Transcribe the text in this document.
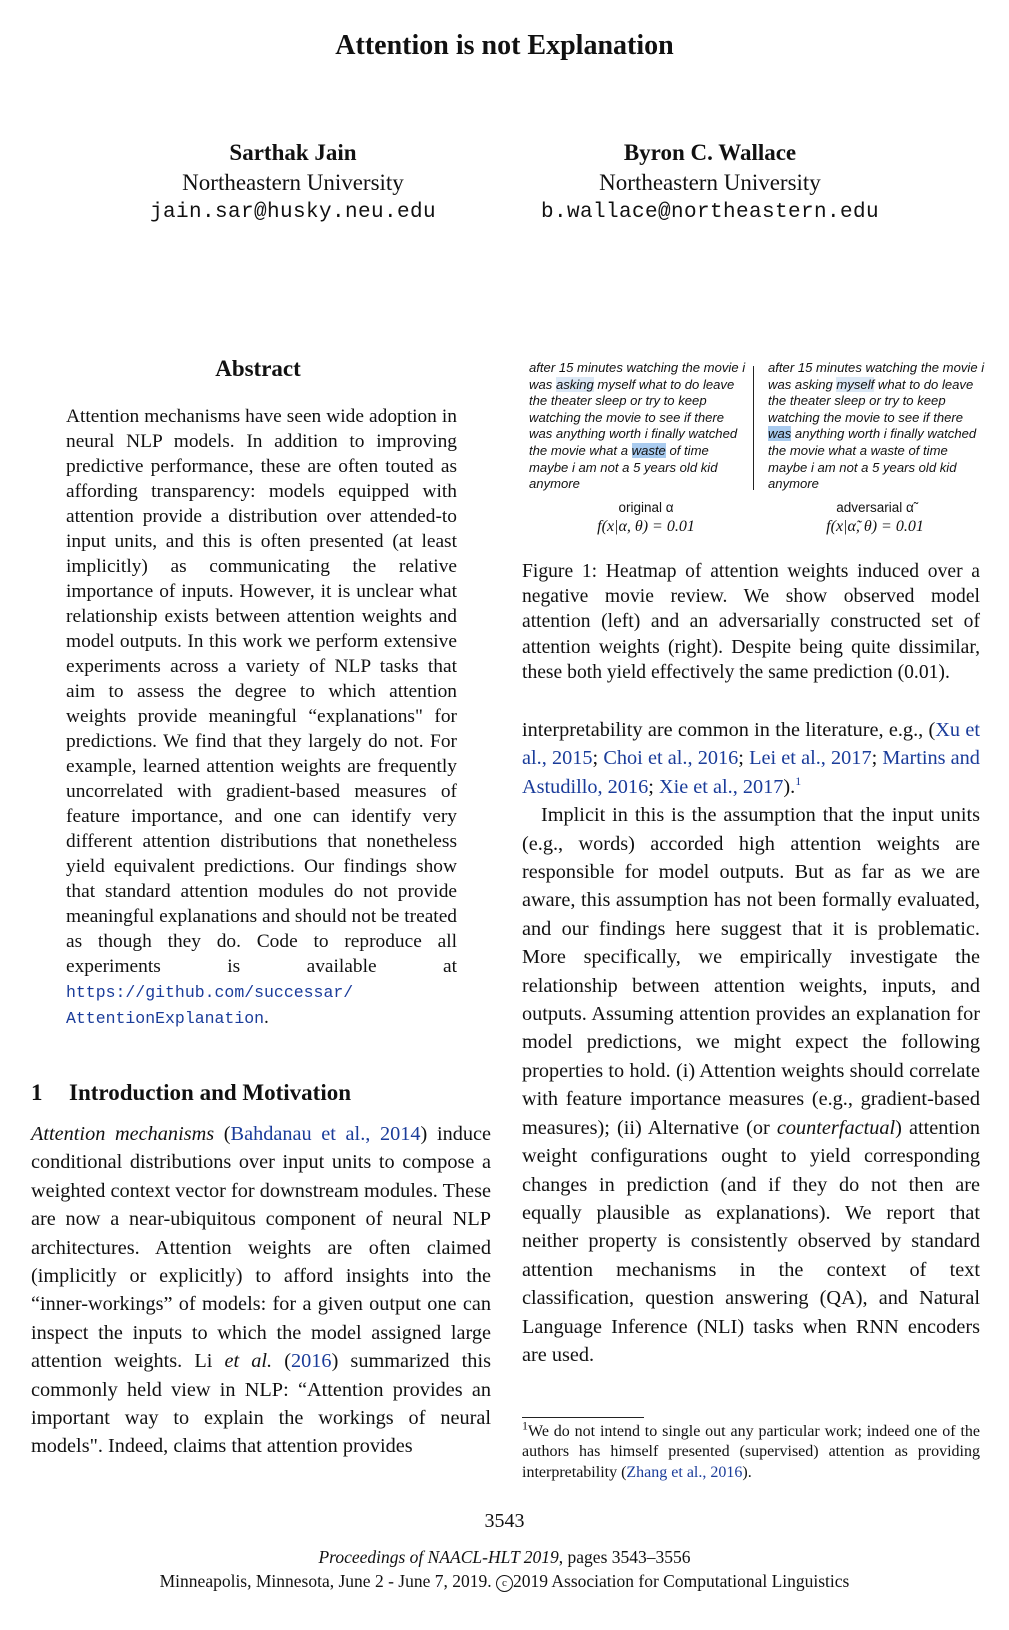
Attention is not Explanation
Sarthak Jain
Northeastern University
jain.sar@husky.neu.edu
Byron C. Wallace
Northeastern University
b.wallace@northeastern.edu
Abstract
Attention mechanisms have seen wide adoption in neural NLP models. In addition to improving predictive performance, these are often touted as affording transparency: models equipped with attention provide a distribution over attended-to input units, and this is often presented (at least implicitly) as communicating the relative importance of inputs. However, it is unclear what relationship exists between attention weights and model outputs. In this work we perform extensive experiments across a variety of NLP tasks that aim to assess the degree to which attention weights provide meaningful “explanations" for predictions. We find that they largely do not. For example, learned attention weights are frequently uncorrelated with gradient-based measures of feature importance, and one can identify very different attention distributions that nonetheless yield equivalent predictions. Our findings show that standard attention modules do not provide meaningful explanations and should not be treated as though they do. Code to reproduce all experiments is available at https://github.com/successar/ AttentionExplanation.
1 Introduction and Motivation
Attention mechanisms (Bahdanau et al., 2014) induce conditional distributions over input units to compose a weighted context vector for downstream modules. These are now a near-ubiquitous component of neural NLP architectures. Attention weights are often claimed (implicitly or explicitly) to afford insights into the “inner-workings” of models: for a given output one can inspect the inputs to which the model assigned large attention weights. Li et al. (2016) summarized this commonly held view in NLP: “Attention provides an important way to explain the workings of neural models". Indeed, claims that attention provides
after 15 minutes watching the movie i was asking myself what to do leave the theater sleep or try to keep watching the movie to see if there was anything worth i finally watched the movie what a waste of time maybe i am not a 5 years old kid anymore
after 15 minutes watching the movie i was asking myself what to do leave the theater sleep or try to keep watching the movie to see if there was anything worth i finally watched the movie what a waste of time maybe i am not a 5 years old kid anymore
original α	adversarial α̃
f(x|α, θ) = 0.01	f(x|α̃, θ) = 0.01
Figure 1: Heatmap of attention weights induced over a negative movie review. We show observed model attention (left) and an adversarially constructed set of attention weights (right). Despite being quite dissimilar, these both yield effectively the same prediction (0.01).
interpretability are common in the literature, e.g., (Xu et al., 2015; Choi et al., 2016; Lei et al., 2017; Martins and Astudillo, 2016; Xie et al., 2017).$^1$
Implicit in this is the assumption that the input units (e.g., words) accorded high attention weights are responsible for model outputs. But as far as we are aware, this assumption has not been formally evaluated, and our findings here suggest that it is problematic. More specifically, we empirically investigate the relationship between attention weights, inputs, and outputs. Assuming attention provides an explanation for model predictions, we might expect the following properties to hold. (i) Attention weights should correlate with feature importance measures (e.g., gradient-based measures); (ii) Alternative (or counterfactual) attention weight configurations ought to yield corresponding changes in prediction (and if they do not then are equally plausible as explanations). We report that neither property is consistently observed by standard attention mechanisms in the context of text classification, question answering (QA), and Natural Language Inference (NLI) tasks when RNN encoders are used.
$^1$We do not intend to single out any particular work; indeed one of the authors has himself presented (supervised) attention as providing interpretability (Zhang et al., 2016).
3543
Proceedings of NAACL-HLT 2019, pages 3543–3556
Minneapolis, Minnesota, June 2 - June 7, 2019. c 2019 Association for Computational Linguistics
